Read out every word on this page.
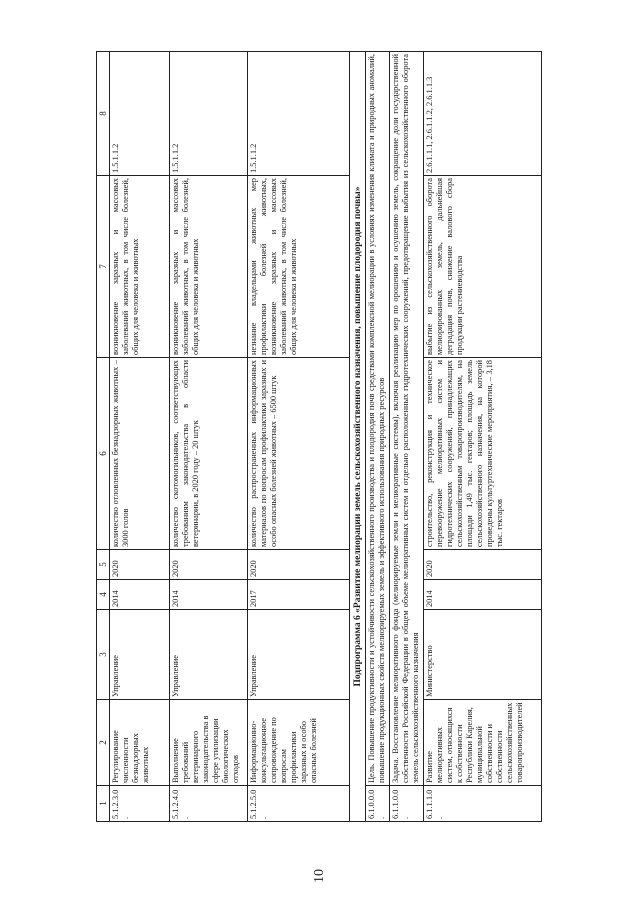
10
1	2	3	4	5	6	7	8
5.1.2.3.0.	Регулирование численности безнадзорных животных	Управление	2014	2020	количество отловленных безнадзорных животных – 3000 голов	возникновение заразных и массовых заболеваний животных, в том числе болезней, общих для человека и животных	1.5.1.1.2
5.1.2.4.0.	Выполнение требований ветеринарного законодательства в сфере утилизации биологических отходов	Управление	2014	2020	количество скотомогильников, соответствующих требованиям законодательства в области ветеринарии, в 2020 году – 20 штук	возникновение заразных и массовых заболеваний животных, в том числе болезней, общих для человека и животных	1.5.1.1.2
5.1.2.5.0.	Информационно-консультационное сопровождение по вопросам профилактики заразных и особо опасных болезней	Управление	2017	2020	количество распространенных информационных материалов по вопросам профилактики заразных и особо опасных болезней животных – 6500 штук	незнание владельцами животных мер профилактики болезней животных, возникновение заразных и массовых заболеваний животных, в том числе болезней, общих для человека и животных	1.5.1.1.2
Подпрограмма 6 «Развитие мелиорации земель сельскохозяйственного назначения, повышение плодородия почвы»							
6.1.0.0.0.	Цель. Повышение продуктивности и устойчивости сельскохозяйственного производства и плодородия почв средствами комплексной мелиорации в условиях изменения климата и природных аномалий, повышение продукционных свойств мелиорируемых земель и эффективного использования природных ресурсов						
6.1.1.0.0.	Задача. Восстановление мелиоративного фонда (мелиорируемые земли и мелиоративные системы), включая реализацию мер по орошению и осушению земель, сокращение доли государственной собственности Российской Федерации в общем объеме мелиоративных систем и отдельно расположенных гидротехнических сооружений, предотвращение выбытия из сельскохозяйственного оборота земель сельскохозяйственного назначения						
6.1.1.1.0.	Развитие мелиоративных систем, относящихся к собственности Республики Карелия, муниципальной собственности и собственности сельскохозяйственных товаропроизводителей	Министерство	2014	2020	строительство, реконструкция и техническое перевооружение мелиоративных систем и гидротехнических сооружений, принадлежащих сельскохозяйственным товаропроизводителям, на площади 1,49 тыс. гектаров; площадь земель сельскохозяйственного назначения, на которой проведены культуртехнические мероприятия, – 3,18 тыс. гектаров	выбытие из сельскохозяйственного оборота мелиорированных земель, дальнейшая деградация почв, снижение валового сбора продукции растениеводства	2.6.1.1.1, 2.6.1.1.2, 2.6.1.1.3
